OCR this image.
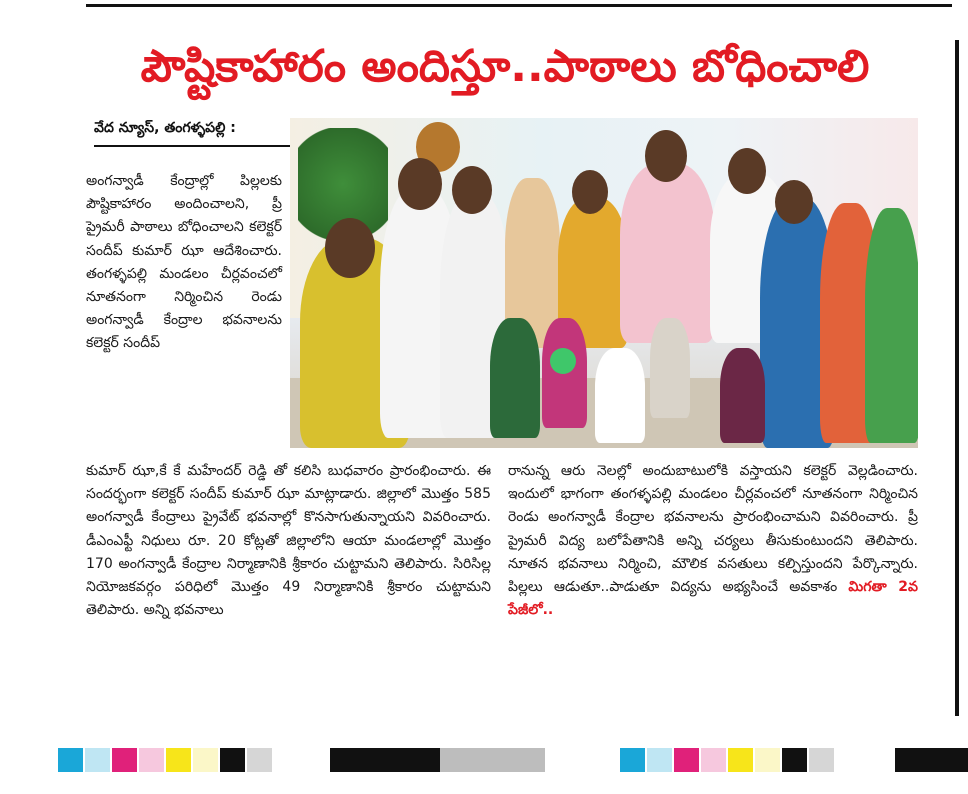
పౌష్టికాహారం అందిస్తూ..పాఠాలు బోధించాలి
వేద న్యూస్‌, తంగళ్ళపల్లి :
అంగన్వాడీ కేంద్రాల్లో పిల్లలకు పౌష్టికాహారం అందించాలని, ప్రీ ప్రైమరీ పాఠాలు బోధించాలని కలెక్టర్ సందీప్ కుమార్ ఝా ఆదేశించారు. తంగళ్ళపల్లి మండలం చీర్లవంచలో నూతనంగా నిర్మించిన రెండు అంగన్వాడీ కేంద్రాల భవనాలను కలెక్టర్ సందీప్
కుమార్ ఝా,కే కే మహేందర్ రెడ్డి తో కలిసి బుధవారం ప్రారంభించారు. ఈ సందర్భంగా కలెక్టర్ సందీప్ కుమార్ ఝా మాట్లాడారు. జిల్లాలో మొత్తం 585 అంగన్వాడీ కేంద్రాలు ప్రైవేట్ భవనాల్లో కొనసాగుతున్నాయని వివరించారు. డీఎంఎఫ్టీ నిధులు రూ. 20 కోట్లతో జిల్లాలోని ఆయా మండలాల్లో మొత్తం 170 అంగన్వాడీ కేంద్రాల నిర్మాణానికి శ్రీకారం చుట్టామని తెలిపారు. సిరిసిల్ల నియోజకవర్గం పరిధిలో మొత్తం 49 నిర్మాణానికి శ్రీకారం చుట్టామని తెలిపారు. అన్ని భవనాలు
రానున్న ఆరు నెలల్లో అందుబాటులోకి వస్తాయని కలెక్టర్ వెల్లడించారు. ఇందులో భాగంగా తంగళ్ళపల్లి మండలం చీర్లవంచలో నూతనంగా నిర్మించిన రెండు అంగన్వాడీ కేంద్రాల భవనాలను ప్రారంభించామని వివరించారు. ప్రీ ప్రైమరీ విద్య బలోపేతానికి అన్ని చర్యలు తీసుకుంటుందని తెలిపారు. నూతన భవనాలు నిర్మించి, మౌలిక వసతులు కల్పిస్తుందని పేర్కొన్నారు. పిల్లలు ఆడుతూ..పాడుతూ విద్యను అభ్యసించే అవకాశం మిగతా 2వ పేజీలో..
